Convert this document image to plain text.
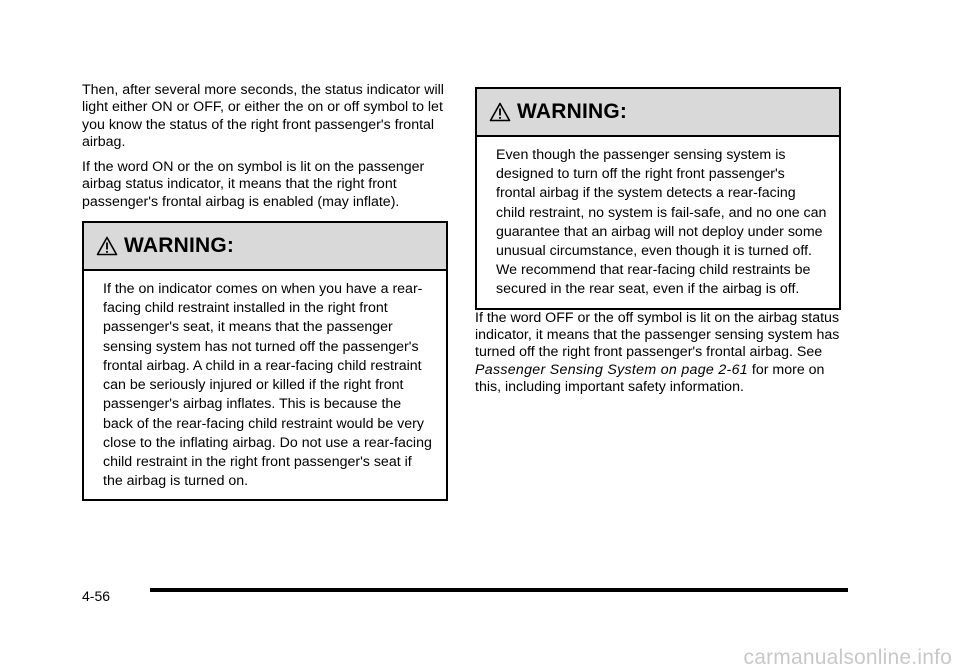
Then, after several more seconds, the status indicator will light either ON or OFF, or either the on or off symbol to let you know the status of the right front passenger's frontal airbag.

If the word ON or the on symbol is lit on the passenger airbag status indicator, it means that the right front passenger's frontal airbag is enabled (may inflate).

WARNING:
If the on indicator comes on when you have a rear-facing child restraint installed in the right front passenger's seat, it means that the passenger sensing system has not turned off the passenger's frontal airbag. A child in a rear-facing child restraint can be seriously injured or killed if the right front passenger's airbag inflates. This is because the back of the rear-facing child restraint would be very close to the inflating airbag. Do not use a rear-facing child restraint in the right front passenger's seat if the airbag is turned on.
WARNING:
Even though the passenger sensing system is designed to turn off the right front passenger's frontal airbag if the system detects a rear-facing child restraint, no system is fail-safe, and no one can guarantee that an airbag will not deploy under some unusual circumstance, even though it is turned off. We recommend that rear-facing child restraints be secured in the rear seat, even if the airbag is off.

If the word OFF or the off symbol is lit on the airbag status indicator, it means that the passenger sensing system has turned off the right front passenger's frontal airbag. See Passenger Sensing System on page 2-61 for more on this, including important safety information.

4-56
carmanualsonline.info
